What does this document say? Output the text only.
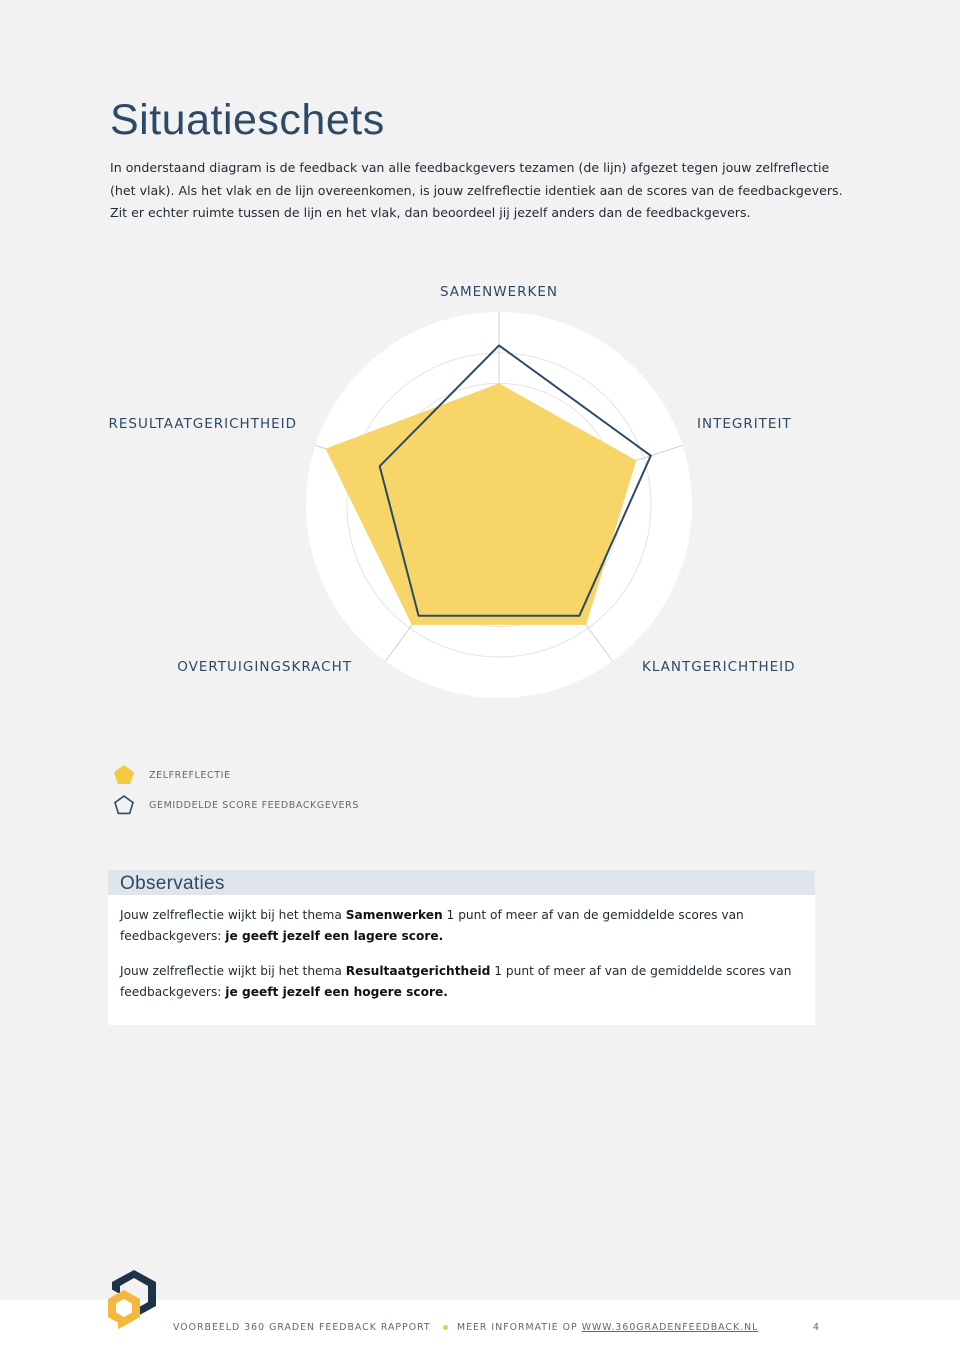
Situatieschets

In onderstaand diagram is de feedback van alle feedbackgevers tezamen (de lijn) afgezet tegen jouw zelfreflectie (het vlak). Als het vlak en de lijn overeenkomen, is jouw zelfreflectie identiek aan de scores van de feedbackgevers. Zit er echter ruimte tussen de lijn en het vlak, dan beoordeel jij jezelf anders dan de feedbackgevers.

SAMENWERKEN
INTEGRITEIT
KLANTGERICHTHEID
OVERTUIGINGSKRACHT
RESULTAATGERICHTHEID
ZELFREFLECTIE
GEMIDDELDE SCORE FEEDBACKGEVERS
Observaties

Jouw zelfreflectie wijkt bij het thema Samenwerken 1 punt of meer af van de gemiddelde scores van feedbackgevers: je geeft jezelf een lagere score.

Jouw zelfreflectie wijkt bij het thema Resultaatgerichtheid 1 punt of meer af van de gemiddelde scores van feedbackgevers: je geeft jezelf een hogere score.

VOORBEELD 360 GRADEN FEEDBACK RAPPORT	MEER INFORMATIE OP WWW.360GRADENFEEDBACK.NL	4
